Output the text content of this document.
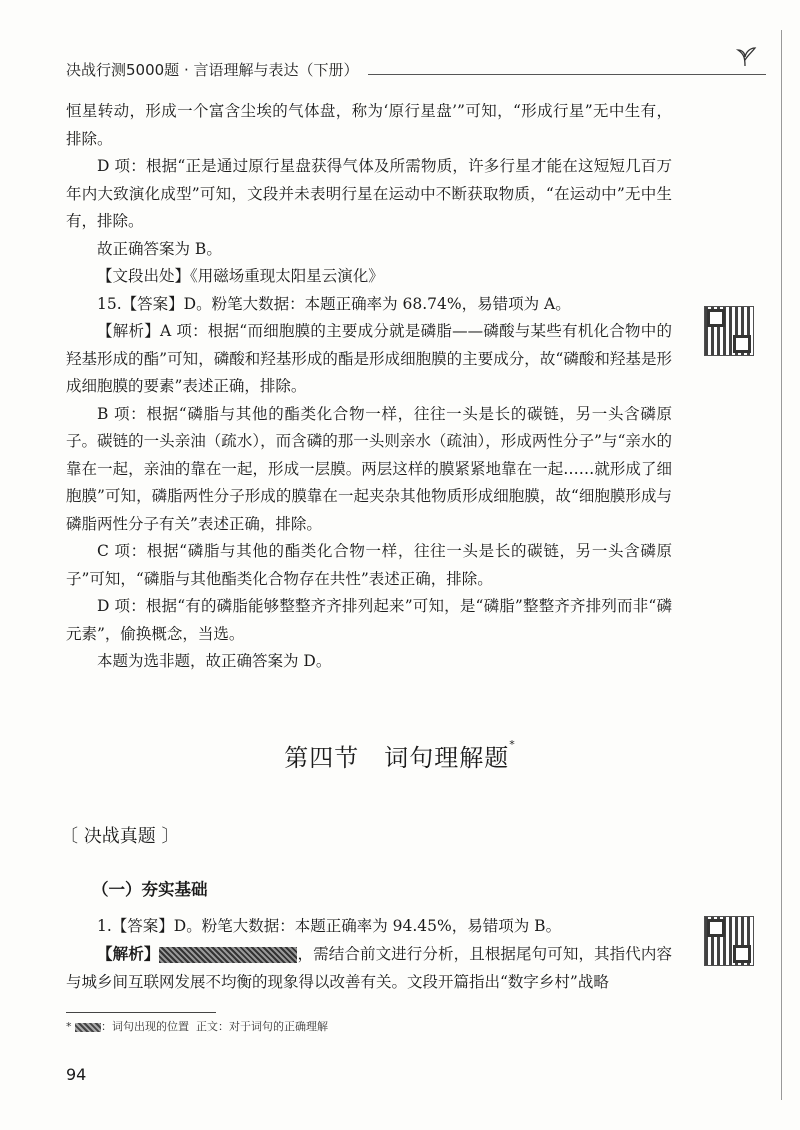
决战行测5000题 · 言语理解与表达（下册）

恒星转动，形成一个富含尘埃的气体盘，称为‘原行星盘’”可知，“形成行星”无中生有，排除。

D 项：根据“正是通过原行星盘获得气体及所需物质，许多行星才能在这短短几百万年内大致演化成型”可知，文段并未表明行星在运动中不断获取物质，“在运动中”无中生有，排除。

故正确答案为 B。

【文段出处】《用磁场重现太阳星云演化》

15.【答案】D。粉笔大数据：本题正确率为 68.74%，易错项为 A。

【解析】A 项：根据“而细胞膜的主要成分就是磷脂——磷酸与某些有机化合物中的羟基形成的酯”可知，磷酸和羟基形成的酯是形成细胞膜的主要成分，故“磷酸和羟基是形成细胞膜的要素”表述正确，排除。

B 项：根据“磷脂与其他的酯类化合物一样，往往一头是长的碳链，另一头含磷原子。碳链的一头亲油（疏水），而含磷的那一头则亲水（疏油），形成两性分子”与“亲水的靠在一起，亲油的靠在一起，形成一层膜。两层这样的膜紧紧地靠在一起……就形成了细胞膜”可知，磷脂两性分子形成的膜靠在一起夹杂其他物质形成细胞膜，故“细胞膜形成与磷脂两性分子有关”表述正确，排除。

C 项：根据“磷脂与其他的酯类化合物一样，往往一头是长的碳链，另一头含磷原子”可知，“磷脂与其他酯类化合物存在共性”表述正确，排除。

D 项：根据“有的磷脂能够整整齐齐排列起来”可知，是“磷脂”整整齐齐排列而非“磷元素”，偷换概念，当选。

本题为选非题，故正确答案为 D。

第四节　词句理解题*
〔 决战真题 〕
（一）夯实基础

1.【答案】D。粉笔大数据：本题正确率为 94.45%，易错项为 B。

【解析】	，需结合前文进行分析，且根据尾句可知，其指代内容与城乡间互联网发展不均衡的现象得以改善有关。文段开篇指出“数字乡村”战略

*	：词句出现的位置 正文：对于词句的正确理解
94
